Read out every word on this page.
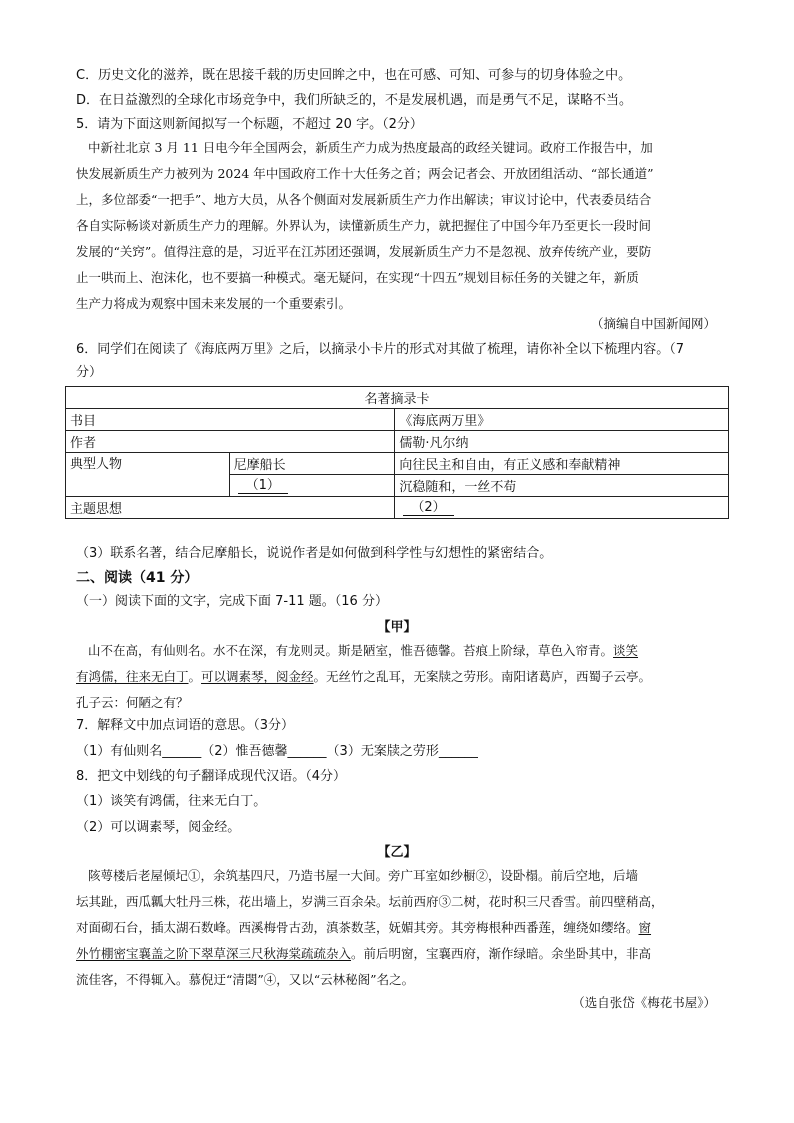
C．历史文化的滋养，既在思接千载的历史回眸之中，也在可感、可知、可参与的切身体验之中。
D．在日益激烈的全球化市场竞争中，我们所缺乏的，不是发展机遇，而是勇气不足，谋略不当。
5．请为下面这则新闻拟写一个标题，不超过 20 字。（2分）
中新社北京 3 月 11 日电今年全国两会，新质生产力成为热度最高的政经关键词。政府工作报告中，加
快发展新质生产力被列为 2024 年中国政府工作十大任务之首；两会记者会、开放团组活动、“部长通道”
上，多位部委“一把手”、地方大员，从各个侧面对发展新质生产力作出解读；审议讨论中，代表委员结合
各自实际畅谈对新质生产力的理解。外界认为，读懂新质生产力，就把握住了中国今年乃至更长一段时间
发展的“关窍”。值得注意的是，习近平在江苏团还强调，发展新质生产力不是忽视、放弃传统产业，要防
止一哄而上、泡沫化，也不要搞一种模式。毫无疑问，在实现“十四五”规划目标任务的关键之年，新质
生产力将成为观察中国未来发展的一个重要索引。
（摘编自中国新闻网）
6．同学们在阅读了《海底两万里》之后，以摘录小卡片的形式对其做了梳理，请你补全以下梳理内容。（7
分）
名著摘录卡		
书目		《海底两万里》
作者		儒勒·凡尔纳
典型人物	尼摩船长	向往民主和自由，有正义感和奉献精神
	（1）	沉稳随和，一丝不苟
主题思想		（2）
（3）联系名著，结合尼摩船长，说说作者是如何做到科学性与幻想性的紧密结合。
二、阅读（41 分）
（一）阅读下面的文字，完成下面 7-11 题。（16 分）
【甲】
山不在高，有仙则名。水不在深，有龙则灵。斯是陋室，惟吾德馨。苔痕上阶绿，草色入帘青。谈笑
有鸿儒，往来无白丁。可以调素琴，阅金经。无丝竹之乱耳，无案牍之劳形。南阳诸葛庐，西蜀子云亭。
孔子云：何陋之有？
7．解释文中加点词语的意思。（3分）
（1）有仙则名______（2）惟吾德馨______（3）无案牍之劳形______
8．把文中划线的句子翻译成现代汉语。（4分）
（1）谈笑有鸿儒，往来无白丁。
（2）可以调素琴，阅金经。
【乙】
陔萼楼后老屋倾圮①，余筑基四尺，乃造书屋一大间。旁广耳室如纱橱②，设卧榻。前后空地，后墙
坛其趾，西瓜瓤大牡丹三株，花出墙上，岁满三百余朵。坛前西府③二树，花时积三尺香雪。前四壁稍高，
对面砌石台，插太湖石数峰。西溪梅骨古劲，滇茶数茎，妩媚其旁。其旁梅根种西番莲，缠绕如缨络。窗
外竹棚密宝襄盖之阶下翠草深三尺秋海棠疏疏杂入。前后明窗，宝襄西府，渐作绿暗。余坐卧其中，非高
流佳客，不得辄入。慕倪迂“清閟”④，又以“云林秘阁”名之。
（选自张岱《梅花书屋》）
